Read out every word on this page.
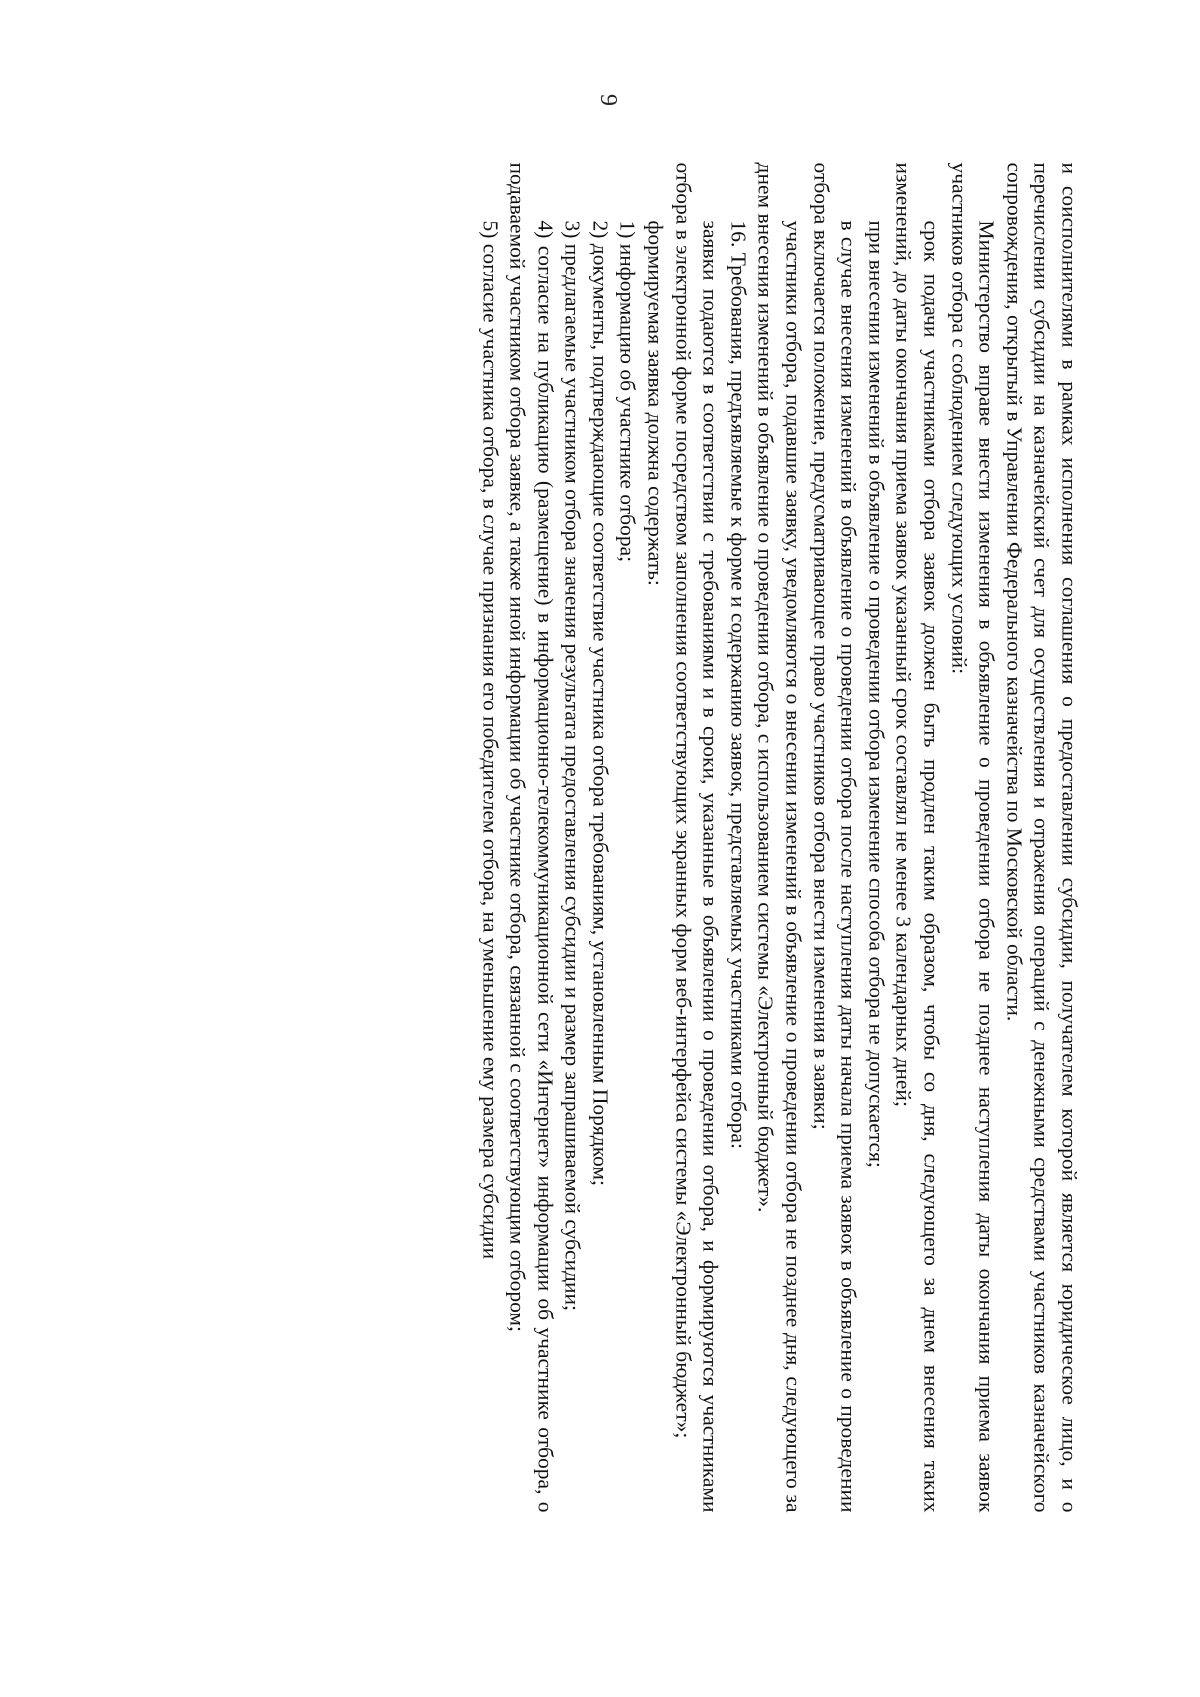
9

и соисполнителями в рамках исполнения соглашения о предоставлении субсидии, получателем которой является юридическое лицо, и о перечислении субсидии на казначейский счет для осуществления и отражения операций с денежными средствами участников казначейского сопровождения, открытый в Управлении Федерального казначейства по Московской области.

Министерство вправе внести изменения в объявление о проведении отбора не позднее наступления даты окончания приема заявок участников отбора с соблюдением следующих условий:

срок подачи участниками отбора заявок должен быть продлен таким образом, чтобы со дня, следующего за днем внесения таких изменений, до даты окончания приема заявок указанный срок составлял не менее 3 календарных дней;

при внесении изменений в объявление о проведении отбора изменение способа отбора не допускается;

в случае внесения изменений в объявление о проведении отбора после наступления даты начала приема заявок в объявление о проведении отбора включается положение, предусматривающее право участников отбора внести изменения в заявки;

участники отбора, подавшие заявку, уведомляются о внесении изменений в объявление о проведении отбора не позднее дня, следующего за днем внесения изменений в объявление о проведении отбора, с использованием системы «Электронный бюджет».

16. Требования, предъявляемые к форме и содержанию заявок, представляемых участниками отбора:

заявки подаются в соответствии с требованиями и в сроки, указанные в объявлении о проведении отбора, и формируются участниками отбора в электронной форме посредством заполнения соответствующих экранных форм веб-интерфейса системы «Электронный бюджет»;

формируемая заявка должна содержать:

1) информацию об участнике отбора;

2) документы, подтверждающие соответствие участника отбора требованиям, установленным Порядком;

3) предлагаемые участником отбора значения результата предоставления субсидии и размер запрашиваемой субсидии;

4) согласие на публикацию (размещение) в информационно-телекоммуникационной сети «Интернет» информации об участнике отбора, о подаваемой участником отбора заявке, а также иной информации об участнике отбора, связанной с соответствующим отбором;

5) согласие участника отбора, в случае признания его победителем отбора, на уменьшение ему размера субсидии
